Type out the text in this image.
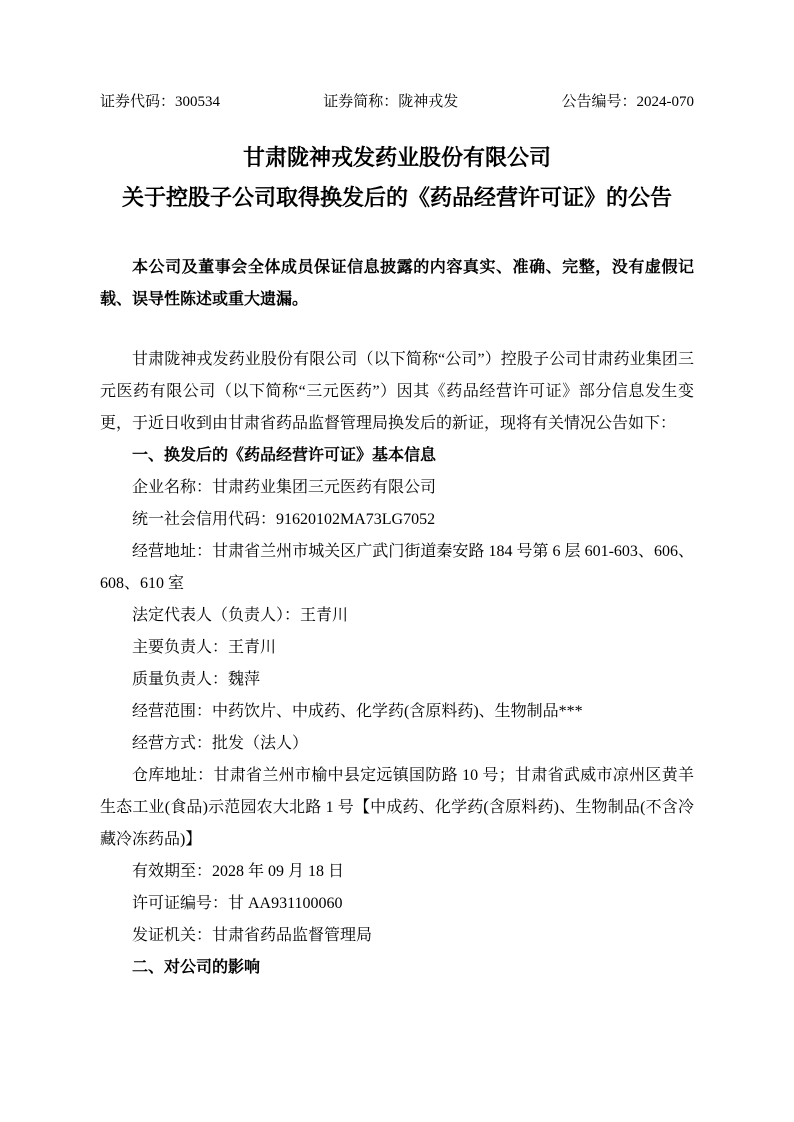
证券代码：300534	证券简称：陇神戎发	公告编号：2024-070
甘肃陇神戎发药业股份有限公司
关于控股子公司取得换发后的《药品经营许可证》的公告

本公司及董事会全体成员保证信息披露的内容真实、准确、完整，没有虚假记载、误导性陈述或重大遗漏。

甘肃陇神戎发药业股份有限公司（以下简称“公司”）控股子公司甘肃药业集团三元医药有限公司（以下简称“三元医药”）因其《药品经营许可证》部分信息发生变更，于近日收到由甘肃省药品监督管理局换发后的新证，现将有关情况公告如下：

一、换发后的《药品经营许可证》基本信息

企业名称：甘肃药业集团三元医药有限公司

统一社会信用代码：91620102MA73LG7052

经营地址：甘肃省兰州市城关区广武门街道秦安路 184 号第 6 层 601-603、606、608、610 室

法定代表人（负责人）：王青川

主要负责人：王青川

质量负责人：魏萍

经营范围：中药饮片、中成药、化学药(含原料药)、生物制品***

经营方式：批发（法人）

仓库地址：甘肃省兰州市榆中县定远镇国防路 10 号；甘肃省武威市凉州区黄羊生态工业(食品)示范园农大北路 1 号【中成药、化学药(含原料药)、生物制品(不含冷藏冷冻药品)】

有效期至：2028 年 09 月 18 日

许可证编号：甘 AA931100060

发证机关：甘肃省药品监督管理局

二、对公司的影响
